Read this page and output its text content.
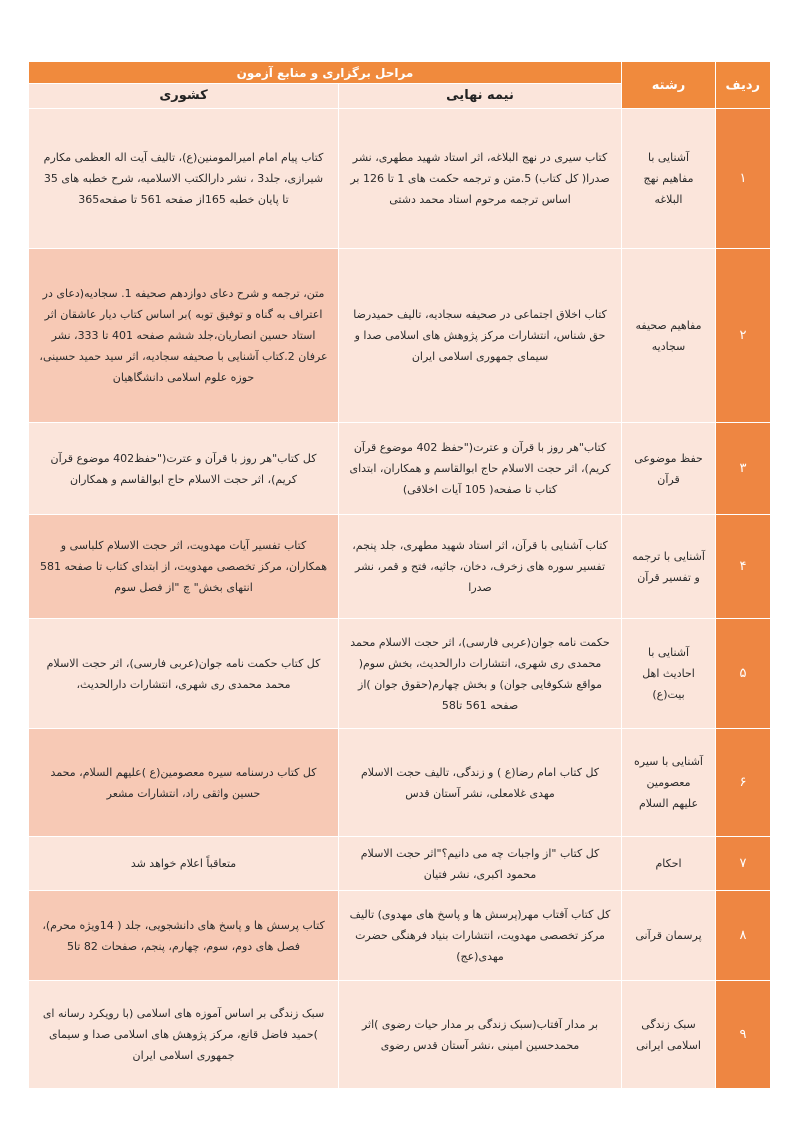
ردیف	رشته	مراحل برگزاری و منابع آزمون	
		نیمه نهایی	کشوری
۱	آشنایی با مفاهیم نهج البلاغه	کتاب سیری در نهج البلاغه، اثر استاد شهید مطهری، نشر صدرا( کل کتاب) 5.متن و ترجمه حکمت های 1 تا 126 بر اساس ترجمه مرحوم استاد محمد دشتی	کتاب پیام امام امیرالمومنین(ع)، تالیف آیت اله العظمی مکارم شیرازی، جلد3 ، نشر دارالکتب الاسلامیه، شرح خطبه های 35 تا پایان خطبه 165از صفحه 561 تا صفحه365
۲	مفاهیم صحیفه سجادیه	کتاب اخلاق اجتماعی در صحیفه سجادیه، تالیف حمیدرضا حق شناس، انتشارات مرکز پژوهش های اسلامی صدا و سیمای جمهوری اسلامی ایران	متن، ترجمه و شرح دعای دوازدهم صحیفه 1. سجادیه(دعای در اعتراف به گناه و توفیق توبه )بر اساس کتاب دیار عاشقان اثر استاد حسین انصاریان،جلد ششم صفحه 401 تا 333، نشر عرفان 2.کتاب آشنایی با صحیفه سجادیه، اثر سید حمید حسینی، حوزه علوم اسلامی دانشگاهیان
۳	حفظ موضوعی قرآن	کتاب"هر روز با قرآن و عترت("حفظ 402 موضوع قرآن کریم)، اثر حجت الاسلام حاج ابوالقاسم و همکاران، ابتدای کتاب تا صفحه( 105 آیات اخلاقی)	کل کتاب"هر روز با قرآن و عترت("حفظ402 موضوع قرآن کریم)، اثر حجت الاسلام حاج ابوالقاسم و همکاران
۴	آشنایی با ترجمه و تفسیر قرآن	کتاب آشنایی با قرآن، اثر استاد شهید مطهری، جلد پنجم، تفسیر سوره های زخرف، دخان، جاثیه، فتح و قمر، نشر صدرا	کتاب تفسیر آیات مهدویت، اثر حجت الاسلام کلباسی و همکاران، مرکز تخصصی مهدویت، از ابتدای کتاب تا صفحه 581 انتهای بخش" چ "از فصل سوم
۵	آشنایی با احادیث اهل بیت(ع)	حکمت نامه جوان(عربی فارسی)، اثر حجت الاسلام محمد محمدی ری شهری، انتشارات دارالحدیث، بخش سوم( مواقع شکوفایی جوان) و بخش چهارم(حقوق جوان )از صفحه 561 تا58	کل کتاب حکمت نامه جوان(عربی فارسی)، اثر حجت الاسلام محمد محمدی ری شهری، انتشارات دارالحدیث،
۶	آشنایی با سیره معصومین علیهم السلام	کل کتاب امام رضا(ع ) و زندگی، تالیف حجت الاسلام مهدی غلامعلی، نشر آستان قدس	کل کتاب درسنامه سیره معصومین(ع )علیهم السلام، محمد حسین واثقی راد، انتشارات مشعر
۷	احکام	کل کتاب "از واجبات چه می دانیم؟"اثر حجت الاسلام محمود اکبری، نشر فتیان	متعاقباً اعلام خواهد شد
۸	پرسمان قرآنی	کل کتاب آفتاب مهر(پرسش ها و پاسخ های مهدوی) تالیف مرکز تخصصی مهدویت، انتشارات بنیاد فرهنگی حضرت مهدی(عج)	کتاب پرسش ها و پاسخ های دانشجویی، جلد ( 14ویژه محرم)، فصل های دوم، سوم، چهارم، پنجم، صفحات 82 تا5
۹	سبک زندگی اسلامی ایرانی	بر مدار آفتاب(سبک زندگی بر مدار حیات رضوی )اثر محمدحسین امینی ،نشر آستان قدس رضوی	سبک زندگی بر اساس آموزه های اسلامی (با رویکرد رسانه ای )حمید فاضل قانع، مرکز پژوهش های اسلامی صدا و سیمای جمهوری اسلامی ایران
